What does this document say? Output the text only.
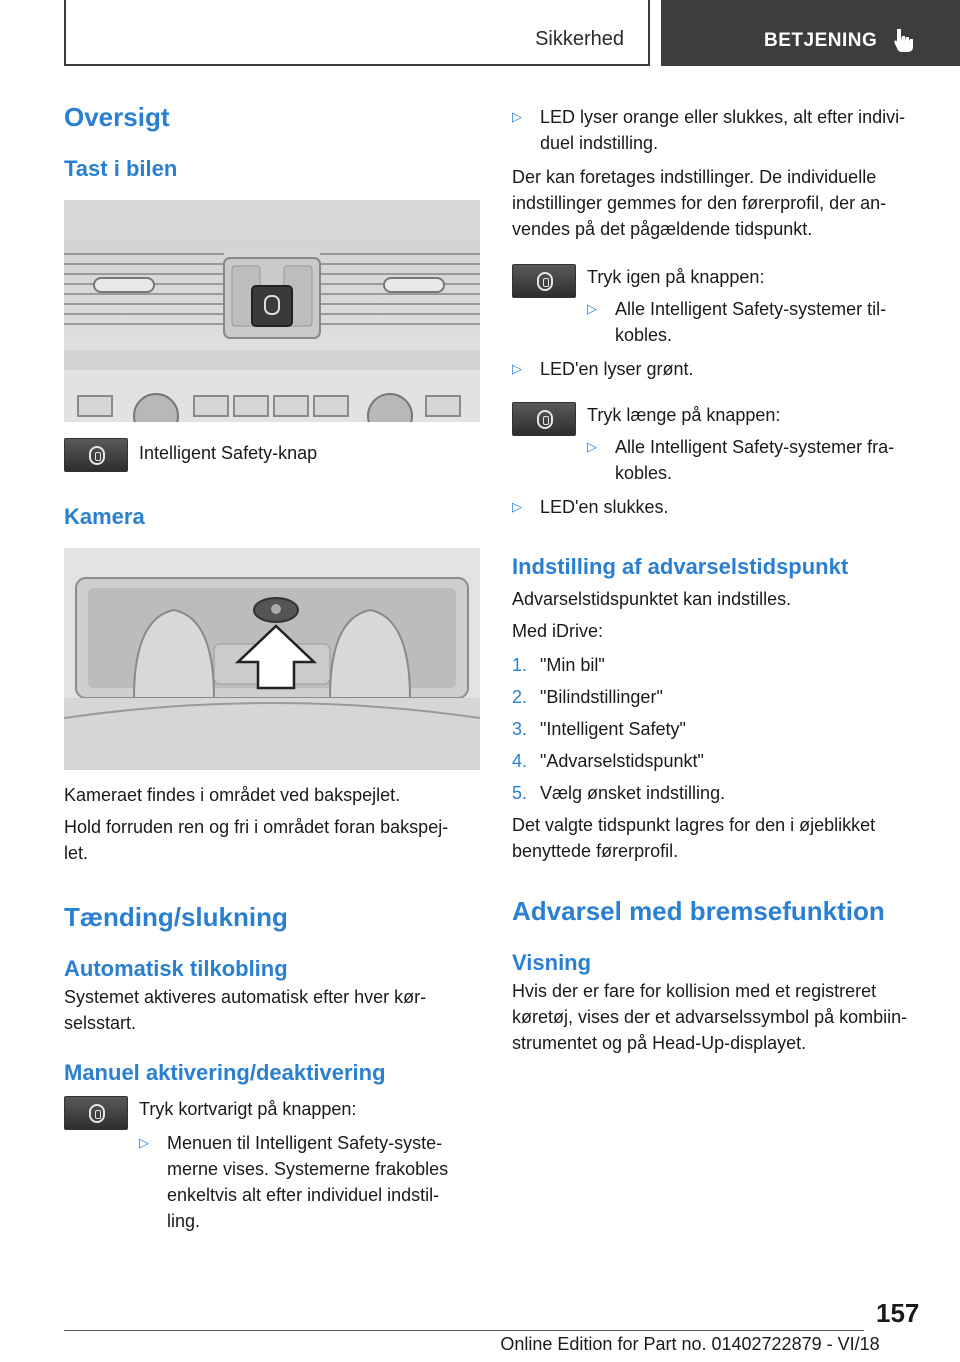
Sikkerhed	BETJENING
Oversigt
Tast i bilen

Intelligent Safety-knap

Kamera

Kameraet findes i området ved bakspejlet.

Hold forruden ren og fri i området foran bakspej-
let.

Tænding/slukning
Automatisk tilkobling

Systemet aktiveres automatisk efter hver kør-
selsstart.

Manuel aktivering/deaktivering

Tryk kortvarigt på knappen:

▷	Menuen til Intelligent Safety-syste-
merne vises. Systemerne frakobles
enkeltvis alt efter individuel indstil-
ling.

▷	LED lyser orange eller slukkes, alt efter indivi-
duel indstilling.

Der kan foretages indstillinger. De individuelle
indstillinger gemmes for den førerprofil, der an-
vendes på det pågældende tidspunkt.

Tryk igen på knappen:

▷	Alle Intelligent Safety-systemer til-
kobles.

▷	LED'en lyser grønt.

Tryk længe på knappen:

▷	Alle Intelligent Safety-systemer fra-
kobles.

▷	LED'en slukkes.

Indstilling af advarselstidspunkt

Advarselstidspunktet kan indstilles.

Med iDrive:

1. "Min bil"

2. "Bilindstillinger"

3. "Intelligent Safety"

4. "Advarselstidspunkt"

5. Vælg ønsket indstilling.

Det valgte tidspunkt lagres for den i øjeblikket
benyttede førerprofil.

Advarsel med bremsefunktion
Visning

Hvis der er fare for kollision med et registreret
køretøj, vises der et advarselssymbol på kombiin-
strumentet og på Head-Up-displayet.

157
Online Edition for Part no. 01402722879 - VI/18
